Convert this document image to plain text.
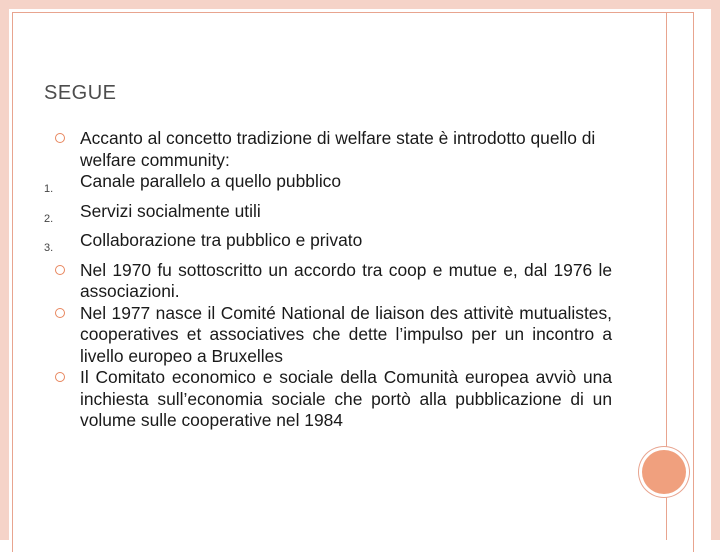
SEGUE
Accanto al concetto tradizione di welfare state è introdotto quello di welfare community:
1. Canale parallelo a quello pubblico
2. Servizi socialmente utili
3. Collaborazione tra pubblico e privato
Nel 1970 fu sottoscritto un accordo tra coop e mutue e, dal 1976 le associazioni.
Nel 1977 nasce il Comité National de liaison des attivitè mutualistes, cooperatives et associatives che dette l’impulso per un incontro a livello europeo a Bruxelles
Il Comitato economico e sociale della Comunità europea avviò una inchiesta sull’economia sociale che portò alla pubblicazione di un volume sulle cooperative nel 1984
